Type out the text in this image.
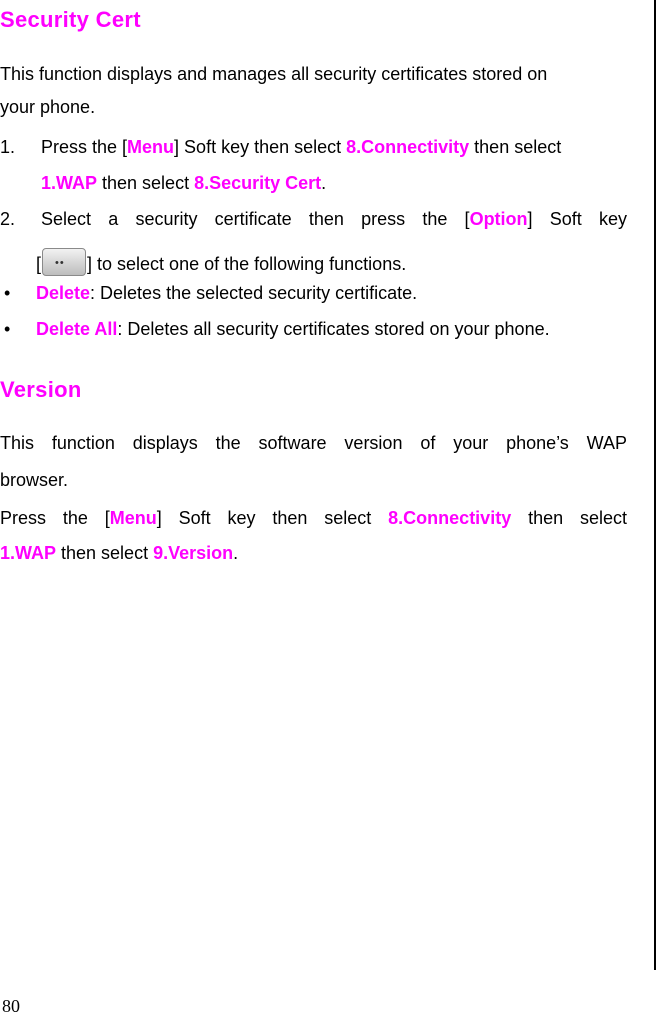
Security Cert
This function displays and manages all security certificates stored on
your phone.
1. Press the [Menu] Soft key then select 8.Connectivity then select
1.WAP then select 8.Security Cert.
2. Select a security certificate then press the [Option] Soft key
[••	] to select one of the following functions.
• Delete: Deletes the selected security certificate.
• Delete All: Deletes all security certificates stored on your phone.
Version
This function displays the software version of your phone’s WAP
browser.
Press the [Menu] Soft key then select 8.Connectivity then select
1.WAP then select 9.Version.
80
